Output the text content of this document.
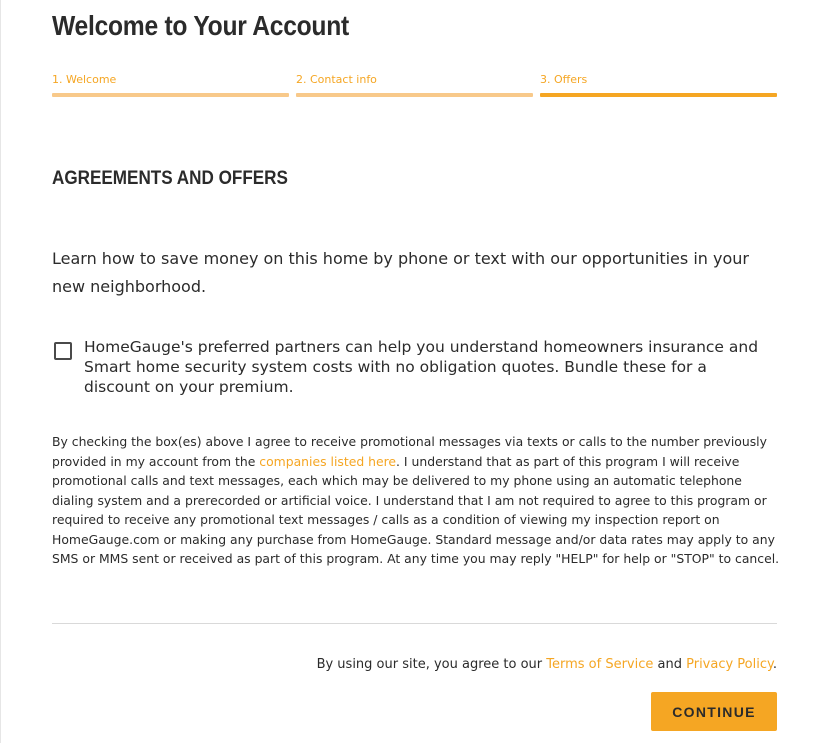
Welcome to Your Account
1. Welcome	2. Contact info	3. Offers
AGREEMENTS AND OFFERS

Learn how to save money on this home by phone or text with our opportunities in your new neighborhood.

HomeGauge's preferred partners can help you understand homeowners insurance and Smart home security system costs with no obligation quotes. Bundle these for a discount on your premium.

By checking the box(es) above I agree to receive promotional messages via texts or calls to the number previously provided in my account from the companies listed here. I understand that as part of this program I will receive promotional calls and text messages, each which may be delivered to my phone using an automatic telephone dialing system and a prerecorded or artificial voice. I understand that I am not required to agree to this program or required to receive any promotional text messages / calls as a condition of viewing my inspection report on HomeGauge.com or making any purchase from HomeGauge. Standard message and/or data rates may apply to any SMS or MMS sent or received as part of this program. At any time you may reply "HELP" for help or "STOP" to cancel.

By using our site, you agree to our Terms of Service and Privacy Policy.

CONTINUE
